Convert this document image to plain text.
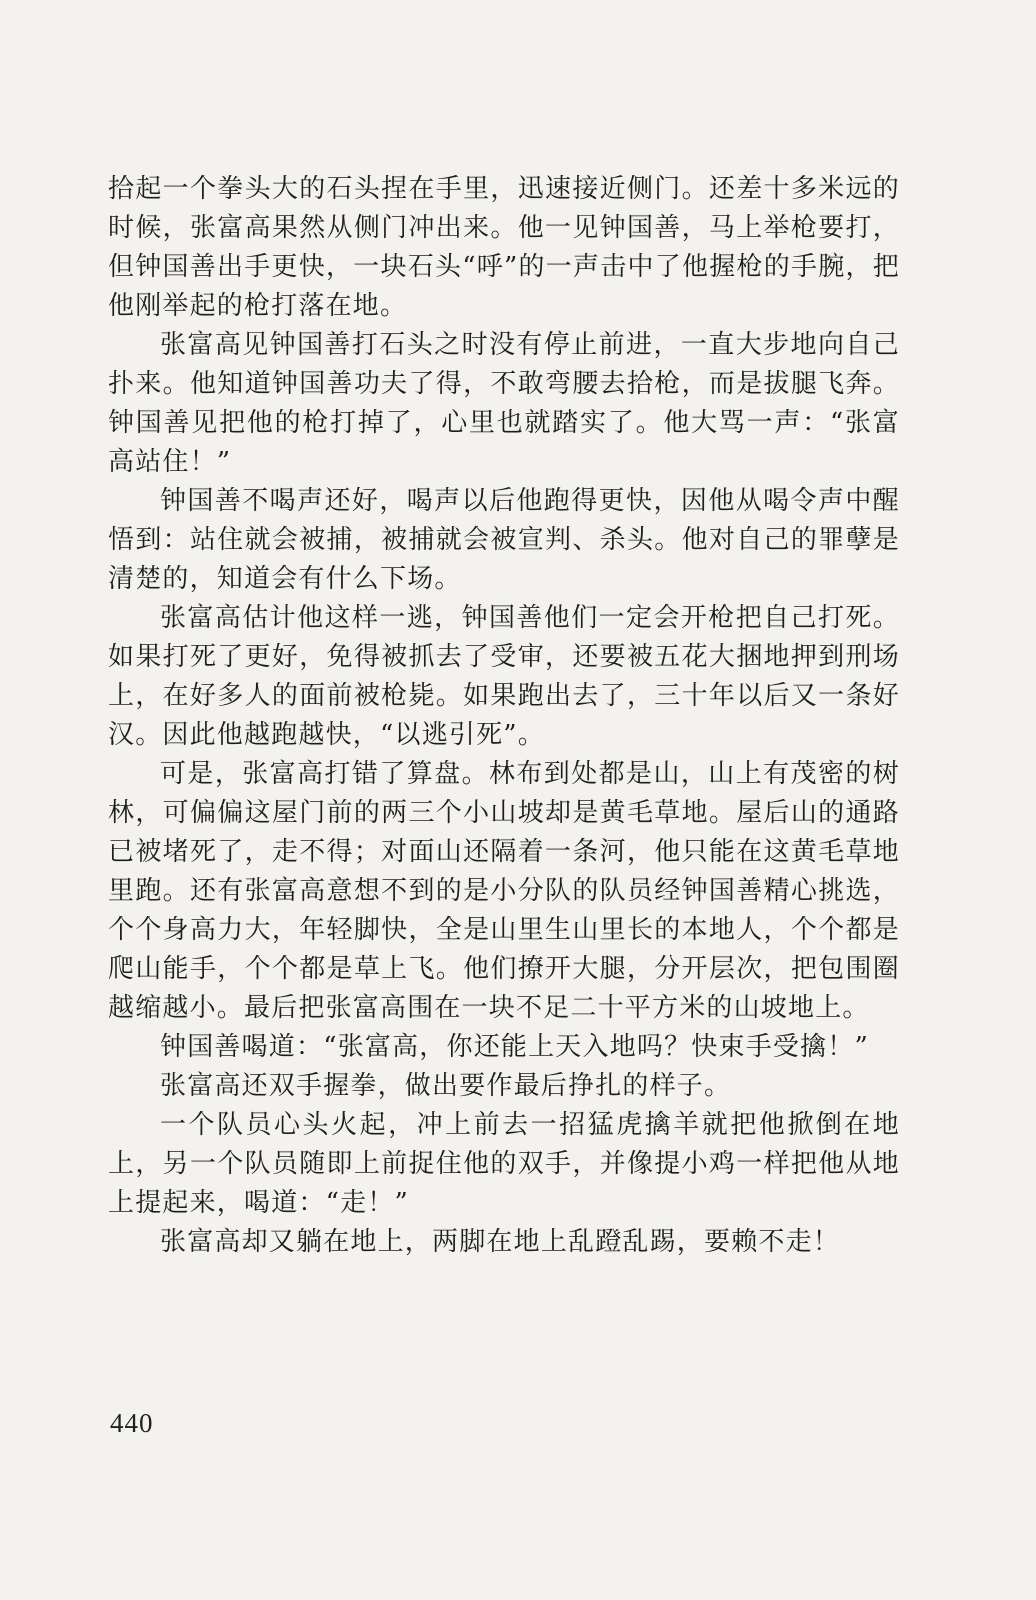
拾起一个拳头大的石头捏在手里，迅速接近侧门。还差十多米远的时候，张富高果然从侧门冲出来。他一见钟国善，马上举枪要打，但钟国善出手更快，一块石头“呼”的一声击中了他握枪的手腕，把他刚举起的枪打落在地。

张富高见钟国善打石头之时没有停止前进，一直大步地向自己扑来。他知道钟国善功夫了得，不敢弯腰去拾枪，而是拔腿飞奔。钟国善见把他的枪打掉了，心里也就踏实了。他大骂一声：“张富高站住！”

钟国善不喝声还好，喝声以后他跑得更快，因他从喝令声中醒悟到：站住就会被捕，被捕就会被宣判、杀头。他对自己的罪孽是清楚的，知道会有什么下场。

张富高估计他这样一逃，钟国善他们一定会开枪把自己打死。如果打死了更好，免得被抓去了受审，还要被五花大捆地押到刑场上，在好多人的面前被枪毙。如果跑出去了，三十年以后又一条好汉。因此他越跑越快，“以逃引死”。

可是，张富高打错了算盘。林布到处都是山，山上有茂密的树林，可偏偏这屋门前的两三个小山坡却是黄毛草地。屋后山的通路已被堵死了，走不得；对面山还隔着一条河，他只能在这黄毛草地里跑。还有张富高意想不到的是小分队的队员经钟国善精心挑选，个个身高力大，年轻脚快，全是山里生山里长的本地人，个个都是爬山能手，个个都是草上飞。他们撩开大腿，分开层次，把包围圈越缩越小。最后把张富高围在一块不足二十平方米的山坡地上。

钟国善喝道：“张富高，你还能上天入地吗？快束手受擒！”

张富高还双手握拳，做出要作最后挣扎的样子。

一个队员心头火起，冲上前去一招猛虎擒羊就把他掀倒在地上，另一个队员随即上前捉住他的双手，并像提小鸡一样把他从地上提起来，喝道：“走！”

张富高却又躺在地上，两脚在地上乱蹬乱踢，要赖不走！

440
